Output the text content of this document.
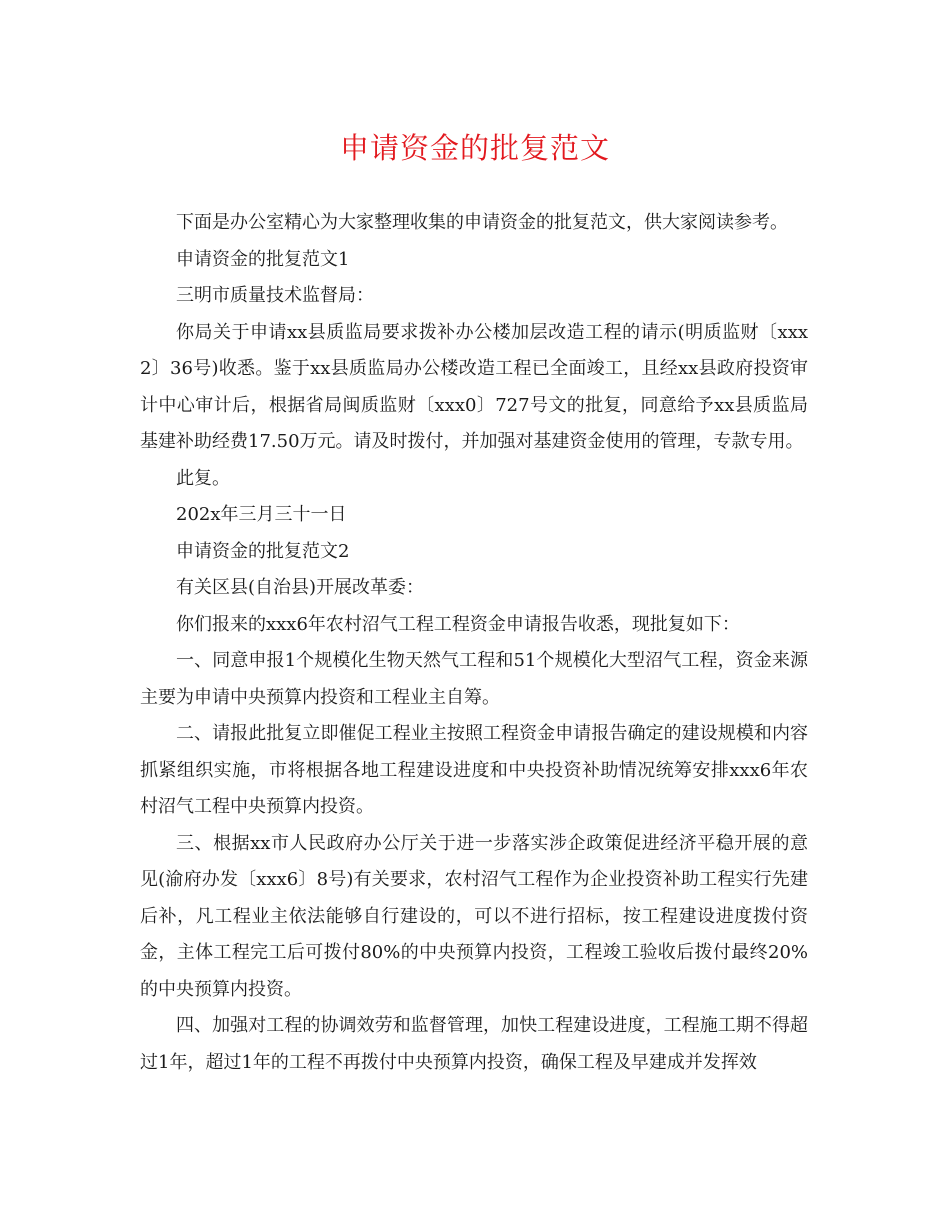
申请资金的批复范文

下面是办公室精心为大家整理收集的申请资金的批复范文，供大家阅读参考。

申请资金的批复范文1

三明市质量技术监督局：

你局关于申请xx县质监局要求拨补办公楼加层改造工程的请示(明质监财〔xxx2〕36号)收悉。鉴于xx县质监局办公楼改造工程已全面竣工，且经xx县政府投资审计中心审计后，根据省局闽质监财〔xxx0〕727号文的批复，同意给予xx县质监局基建补助经费17.50万元。请及时拨付，并加强对基建资金使用的管理，专款专用。

此复。

202x年三月三十一日

申请资金的批复范文2

有关区县(自治县)开展改革委：

你们报来的xxx6年农村沼气工程工程资金申请报告收悉，现批复如下：

一、同意申报1个规模化生物天然气工程和51个规模化大型沼气工程，资金来源主要为申请中央预算内投资和工程业主自筹。

二、请报此批复立即催促工程业主按照工程资金申请报告确定的建设规模和内容抓紧组织实施，市将根据各地工程建设进度和中央投资补助情况统筹安排xxx6年农村沼气工程中央预算内投资。

三、根据xx市人民政府办公厅关于进一步落实涉企政策促进经济平稳开展的意见(渝府办发〔xxx6〕8号)有关要求，农村沼气工程作为企业投资补助工程实行先建后补，凡工程业主依法能够自行建设的，可以不进行招标，按工程建设进度拨付资金，主体工程完工后可拨付80%的中央预算内投资，工程竣工验收后拨付最终20%的中央预算内投资。

四、加强对工程的协调效劳和监督管理，加快工程建设进度，工程施工期不得超过1年，超过1年的工程不再拨付中央预算内投资，确保工程及早建成并发挥效
